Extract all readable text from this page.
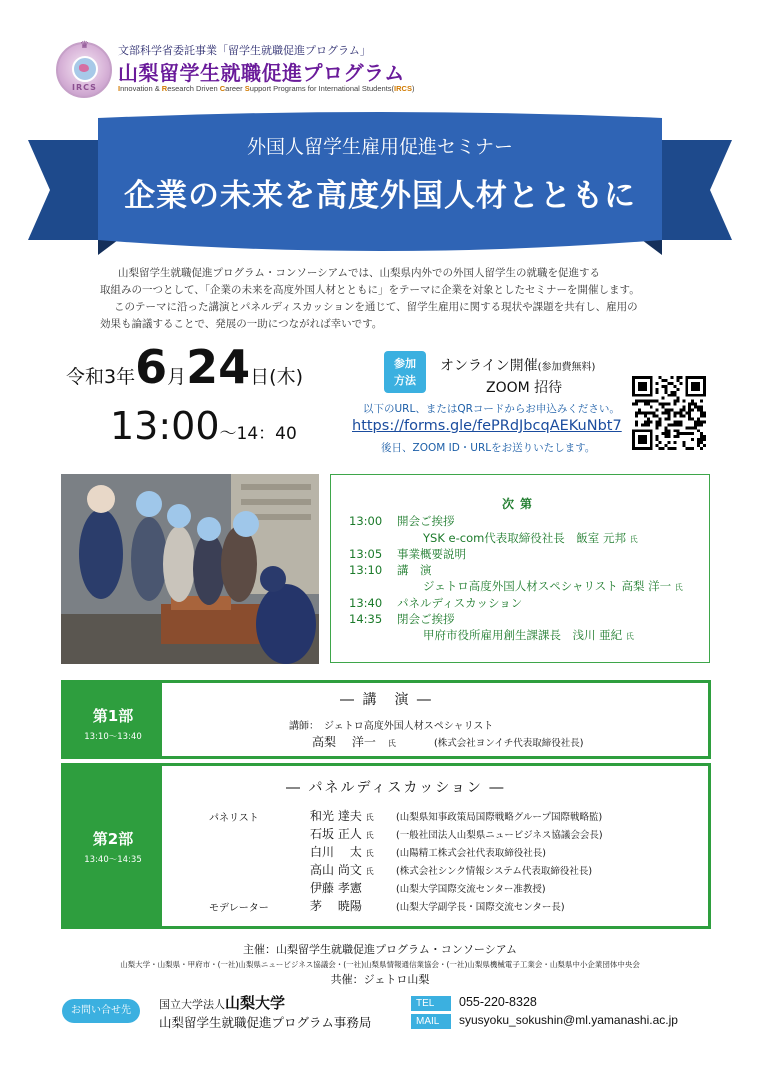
♛
IRCS
文部科学省委託事業「留学生就職促進プログラム」
山梨留学生就職促進プログラム
Innovation & Research Driven Career Support Programs for International Students(IRCS)
外国人留学生雇用促進セミナー
企業の未来を高度外国人材とともに

山梨留学生就職促進プログラム・コンソーシアムでは、山梨県内外での外国人留学生の就職を促進する

取組みの一つとして、「企業の未来を高度外国人材とともに」をテーマに企業を対象としたセミナーを開催します。

このテーマに沿った講演とパネルディスカッションを通じて、留学生雇用に関する現状や課題を共有し、雇用の

効果も論議することで、発展の一助につながれば幸いです。

令和3年6月24日(木)
13:00～14：40
参加
方法
オンライン開催(参加費無料)
ZOOM 招待
以下のURL、またはQRコードからお申込みください。
https://forms.gle/fePRdJbcqAEKuNbt7
後日、ZOOM ID・URLをお送りいたします。
次第
13:00 開会ご挨拶
YSK e-com代表取締役社長　飯室 元邦 氏
13:05 事業概要説明
13:10 講　演
ジェトロ高度外国人材スペシャリスト 高梨 洋一 氏
13:40 パネルディスカッション
14:35 閉会ご挨拶
甲府市役所雇用創生課課長　浅川 亜紀 氏
第1部
13:10～13:40
― 講　演 ―
講師：　ジェトロ高度外国人材スペシャリスト
高梨　 洋一　 氏	(株式会社ヨンイチ代表取締役社長)
第2部
13:40～14:35
― パネルディスカッション ―
パネリスト	和光 達夫 氏 (山梨県知事政策局国際戦略グループ国際戦略監)
石坂 正人 氏 (一般社団法人山梨県ニュービジネス協議会会長)
白川　 太 氏 (山陽精工株式会社代表取締役社長)
高山 尚文 氏 (株式会社シンク情報システム代表取締役社長)
伊藤 孝憲	(山梨大学国際交流センター准教授)
モデレーター	茅　 暁陽	(山梨大学副学長・国際交流センター長)
主催：山梨留学生就職促進プログラム・コンソーシアム
山梨大学・山梨県・甲府市・(一社)山梨県ニュービジネス協議会・(一社)山梨県情報通信業協会・(一社)山梨県機械電子工業会・山梨県中小企業団体中央会
共催：ジェトロ山梨
お問い合せ先	国立大学法人山梨大学
山梨留学生就職促進プログラム事務局
TEL	055-220-8328
MAIL	syusyoku_sokushin@ml.yamanashi.ac.jp
